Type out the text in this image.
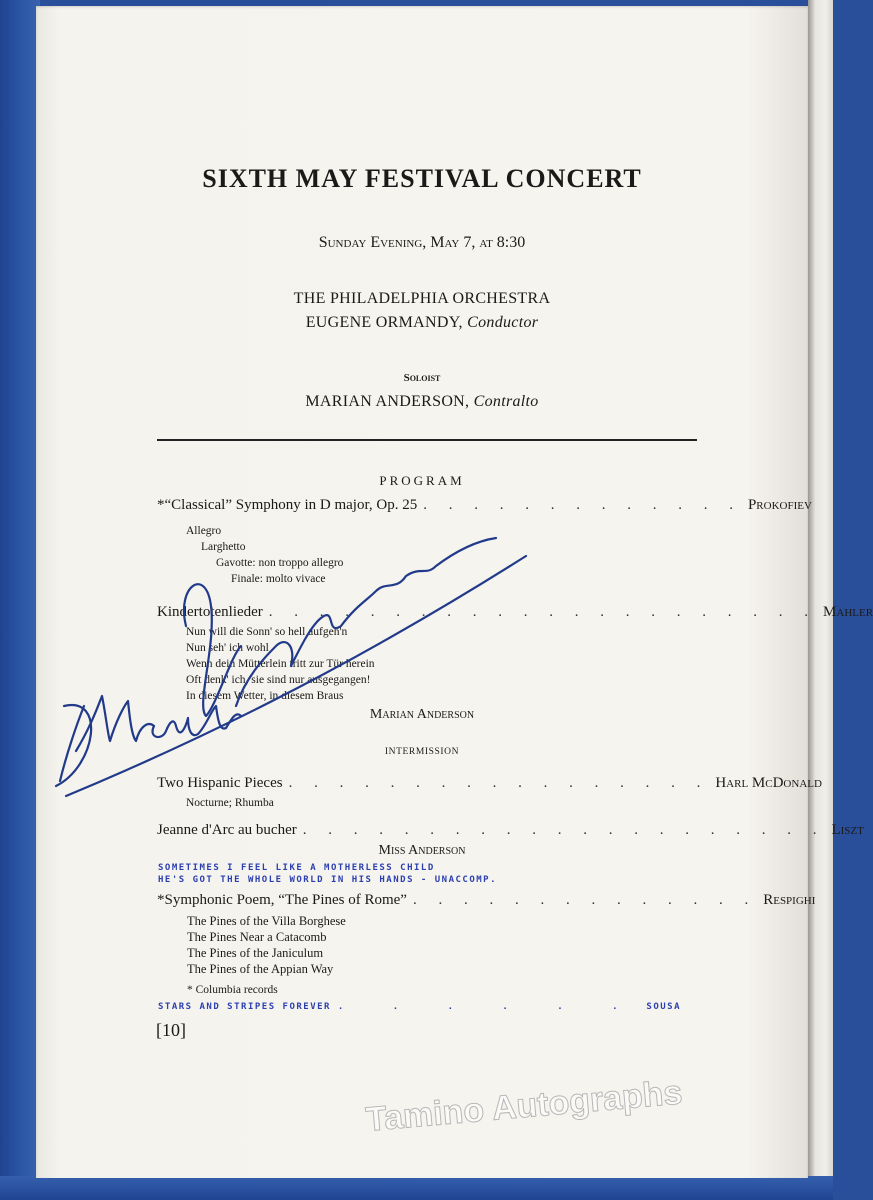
SIXTH MAY FESTIVAL CONCERT
Sunday Evening, May 7, at 8:30
THE PHILADELPHIA ORCHESTRA
EUGENE ORMANDY, Conductor
Soloist
MARIAN ANDERSON, Contralto
PROGRAM
*“Classical” Symphony in D major, Op. 25 . . . . . . . . . . . . . Prokofiev
Allegro
Larghetto
Gavotte: non troppo allegro
Finale: molto vivace
Kindertotenlieder . . . . . . . . . . . . . . . . . . . . . . Mahler
Nun will die Sonn' so hell aufgeh'n
Nun seh' ich wohl
Wenn dein Mütterlein tritt zur Tür herein
Oft denk' ich, sie sind nur ausgegangen!
In diesem Wetter, in diesem Braus
Marian Anderson
INTERMISSION
Two Hispanic Pieces . . . . . . . . . . . . . . . . . Harl McDonald
Nocturne; Rhumba
Jeanne d'Arc au bucher . . . . . . . . . . . . . . . . . . . . . Liszt
Miss Anderson
SOMETIMES I FEEL LIKE A MOTHERLESS CHILD
HE'S GOT THE WHOLE WORLD IN HIS HANDS - UNACCOMP.
*Symphonic Poem, “The Pines of Rome” . . . . . . . . . . . . . . Respighi
The Pines of the Villa Borghese
The Pines Near a Catacomb
The Pines of the Janiculum
The Pines of the Appian Way
* Columbia records
STARS AND STRIPES FOREVER . . . . . . SOUSA
[10]
Tamino Autographs
